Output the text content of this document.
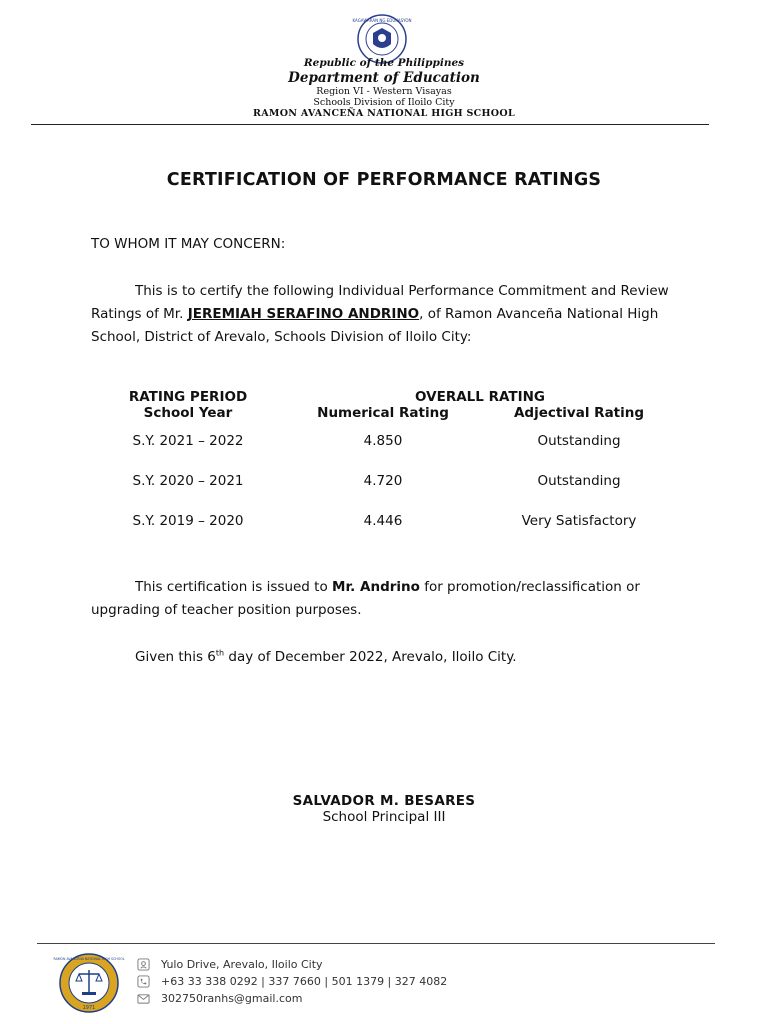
KAGAWARAN NG EDUKASYON
Republic of the Philippines
Department of Education
Region VI - Western Visayas
Schools Division of Iloilo City
RAMON AVANCEÑA NATIONAL HIGH SCHOOL
CERTIFICATION OF PERFORMANCE RATINGS
TO WHOM IT MAY CONCERN:
This is to certify the following Individual Performance Commitment and Review Ratings of Mr. JEREMIAH SERAFINO ANDRINO, of Ramon Avanceña National High School, District of Arevalo, Schools Division of Iloilo City:
RATING PERIOD	OVERALL RATING
School Year	Numerical Rating	Adjectival Rating
S.Y. 2021 – 2022	4.850	Outstanding
S.Y. 2020 – 2021	4.720	Outstanding
S.Y. 2019 – 2020	4.446	Very Satisfactory
This certification is issued to Mr. Andrino for promotion/reclassification or upgrading of teacher position purposes.
Given this 6th day of December 2022, Arevalo, Iloilo City.
SALVADOR M. BESARES
School Principal III
1971
RAMON AVANCEÑA NATIONAL HIGH SCHOOL	Yulo Drive, Arevalo, Iloilo City
+63 33 338 0292 | 337 7660 | 501 1379 | 327 4082
302750ranhs@gmail.com
